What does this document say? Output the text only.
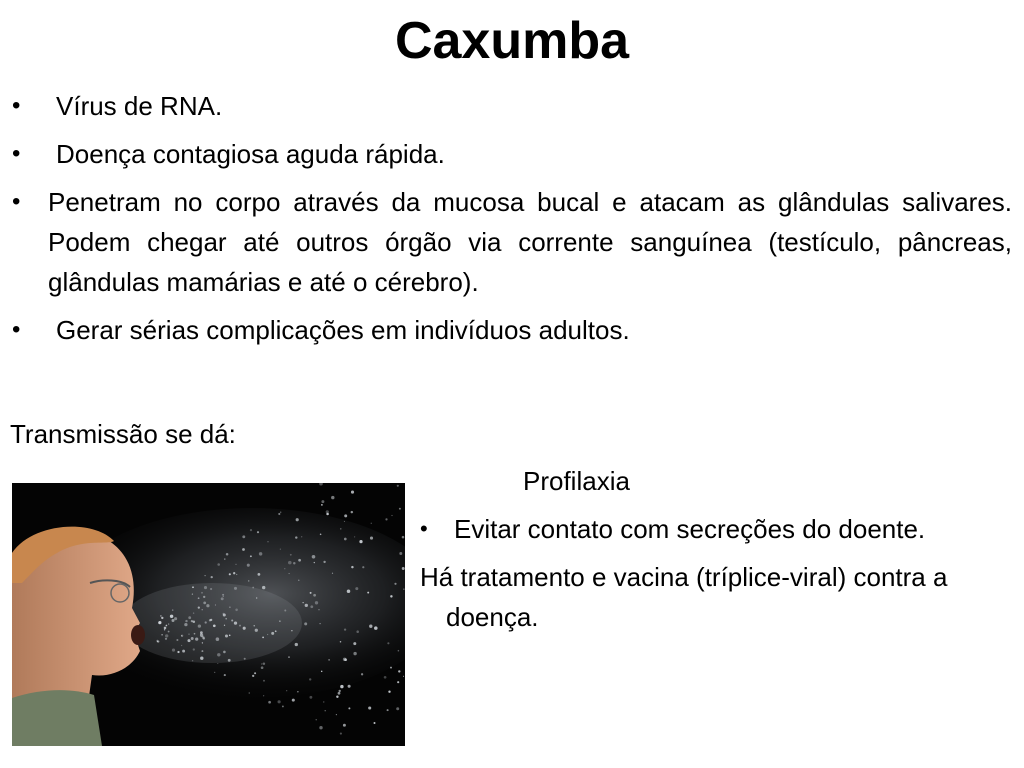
Caxumba
• Vírus de RNA.
• Doença contagiosa aguda rápida.
• Penetram no corpo através da mucosa bucal e atacam as glândulas salivares. Podem chegar até outros órgão via corrente sanguínea (testículo, pâncreas, glândulas mamárias e até o cérebro).
• Gerar sérias complicações em indivíduos adultos.
Transmissão se dá:
Profilaxia
• Evitar contato com secreções do doente.
Há tratamento e vacina (tríplice-viral) contra a doença.
